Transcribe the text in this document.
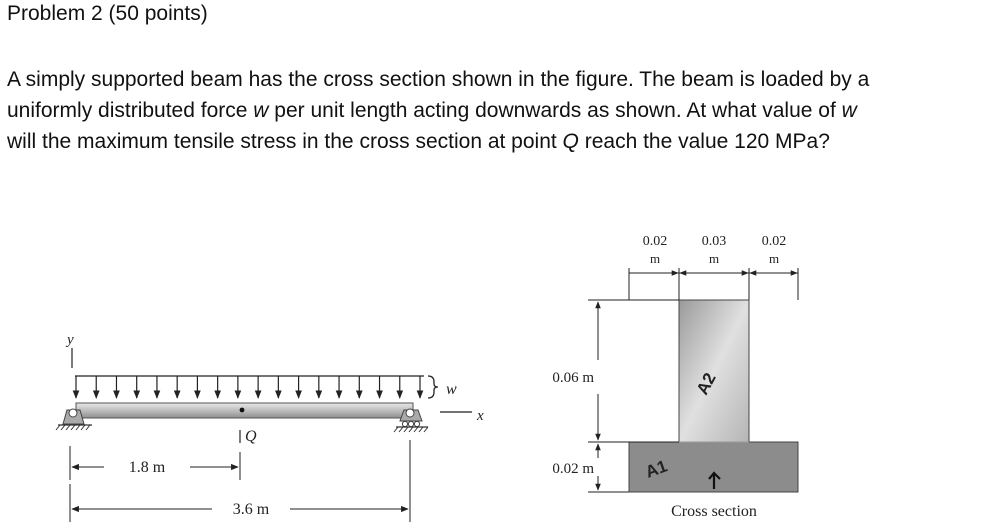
Problem 2 (50 points)
A simply supported beam has the cross section shown in the figure. The beam is loaded by a
uniformly distributed force w per unit length acting downwards as shown. At what value of w
will the maximum tensile stress in the cross section at point Q reach the value 120 MPa?
y
w
x
Q
1.8 m
3.6 m
0.02
m
0.03
m
0.02
m
A2
A1
0.06 m
0.02 m
Cross section
